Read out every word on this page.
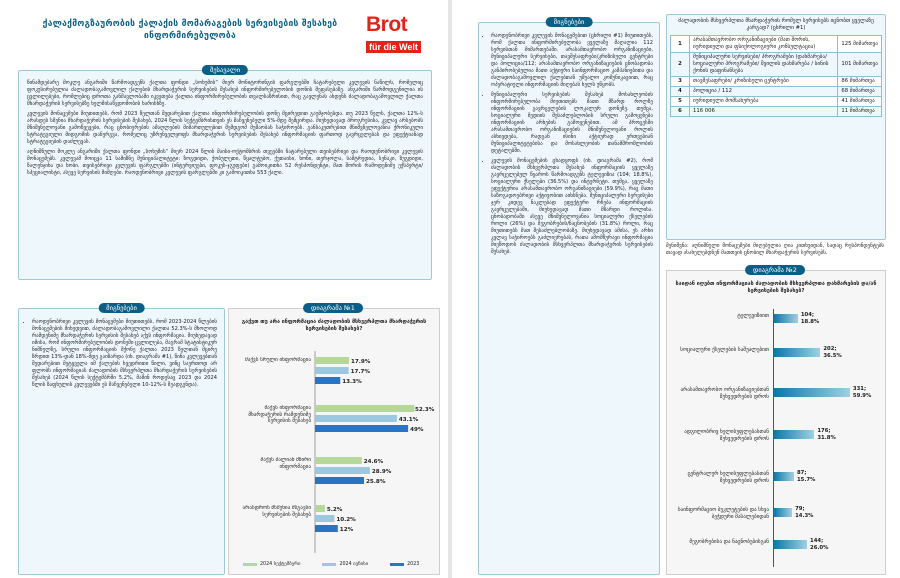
ქალაქმოგზაურობის ქალაქის მომარაგების სერვისების შესახებ ინფორმირებულობა	Brot
für die Welt
შესავალი

წინამდებარე მოკლე ანგარიში წარმოადგენს ქალთა ფონდი „სოხუმის“ მიერ მონიტორინგის ფარგლებში ჩატარებული კვლევის ნაწილს, რომელიც ფოკუსირებულია ძალადობაგამოვლილ ქალების მხარდაჭერის სერვისების შესახებ ინფორმირებულობის დონის შეფასებაზე. ანგარიში წარმოდგენილია ის ცვლილებები, რომლებიც დროთა განმავლობაში იკვეთება ქალთა ინფორმირებულობის თვალსაზრისით, რაც გავლენას ახდენს ძალადობაგამოვლილ ქალთა მხარდაჭერის სერვისებზე ხელმისაწვდომობის ხარისხზე.

კვლევის მონაცემები მიუთითებს, რომ 2023 წელთან შედარებით ქალთა ინფორმირებულობის დონე მცირედით გაუმჯობესდა. თუ 2023 წელს, ქალთა 12%-ს არასდეს სმენია მხარდაჭერის სერვისების შესახებ, 2024 წლის სექტემბრისთვის ეს მაჩვენებელი 5%-მდე შემცირდა. მიუხედავად პროგრესისა, კვლავ არსებობს მნიშვნელოვანი გამოწვევები, რაც ცნობიერების ამაღლების მიმართულებით შემდგომ მუშაობას საჭიროებს. განსაკუთრებით მნიშვნელოვანია ქრონიკული სტრატეგიული მიდგომის დანერგვა, რომელიც უზრუნველყოფს მხარდაჭერის სერვისების შესახებ ინფორმაციის ფართოდ გავრცელებას და ეფექტიანად სტრატეგიების დაძლევას.

აღნიშნული მოკლე ანგარიში ქალთა ფონდი „სოხუმის“ მიერ 2024 წლის მაისი-ოქტომბრის თვეებში ჩატარებული თვისებრივი და რაოდენობრივი კვლევის მონაცემებს. კვლევამ მოიცვა 11 სამიზნე მუნიციპალიტეტი: ზოგდიდი, ქობულეთი, წყალტუბო, ქუთაისი, ხონი, თერჯოლა, სამტრედია, სენაკი, ზუგდიდი, წალენჯიხა და ხობი. თვისებრივი კვლევის ფარგლებში (ინტერვიუები, ფოკუს-ჯგუფები) გამოიკითხა 52 რესპონდენტი, მათ შორის რამოდენიმე ექსპერტი/ სპეციალისტი, ასევე სერვისის მიმღები. რაოდენობრივი კვლევის ფარგლებში კი გამოიკითხა 553 ქალი.

მიგნებები
• რაოდენობრივი კვლევის მონაცემები მიუთითებს, რომ 2023-2024 წლების მონაცემების მიხედვით, ძალადობაგამოვლილი ქალთა 52.3%-ს მხოლოდ რამდენიმე მხარდაჭერის სერვისის შესახებ აქვს ინფორმაცია. მიუხედავად იმისა, რომ ინფორმირებულობის დონეში ცვლილება, მაგრამ სტატისტიკურ ნიშნულზე, სრული ინფორმაციის მქონე ქალთა 2023 წელთან მცირე ზრდით 13%-დან 18%-მდე გაიზარდა (იხ. დიაგრამა #1), წინა კვლევებთან შედარებით მეტყველა იმ ქალების ხვედრითი წილი, ვინც საერთოდ არ ფლობს ინფორმაციას ძალადობის მსხვერპლთა მხარდაჭერის სერვისების შესახებ (2024 წლის სექტემბრში 5.2%, მაშინ როდესაც 2023 და 2024 წლის ზაფხულის კვლევებში ეს მაჩვენებელი 10-12%-ს შეადგენდა).
დიაგრამა №1
გაქვთ თუ არა ინფორმაცია ძალადობის მსხვერპლთა მხარდაჭერის სერვისების შესახებ?
მაქვს სრული ინფორმაცია	17.9%
17.7%
13.3%
მაქვს ინფორმაცია მხარდაჭერის რამდენიმე სერვისის შესახებ
52.3%
43.1%
49%
მაქვს ძალიან მწირი ინფორმაცია
24.6%
28.9%
25.8%
არასდროს მსმენია მსგავსი სერვისების შესახებ
5.2%
10.2%
12%
2024 სექტემბერი	2024 ივნისი	2023
მიგნებები
• რაოდენობრივი კვლევის მონაცემებით (ცხრილი #1) მიუთითებს, რომ ქალთა ინფორმირებულობა ყველაზე მაღალია 112 სერვისთან მიმართებაში. არასამთავრობო ორგანიზაციები, მუნიციპალური სერვისები, თავშესაფრები/კრიზისული ცენტრები და პოლიცია/112; არასამთავრობო ორგანიზაციების ცნობადობა განპირობებულია მათი აქტიური საინფორმაციო კამპანიებითა და ძალადობაგამოვლილ ქალებთან უშუალო კომუნიკაციით, რაც ოპერატიული ინფორმაციის მიღებას ხელს უწყობს.
• მუნიციპალური სერვისების შესახებ მოსახლეობის ინფორმირებულობა მიუთითებს მათი მზარდ როლზე ინფორმაციის გავრცელების ლოკალურ დონეზე. თუმცა, სოციალური მედიის შესაძლებლობის სრული გამოყენება ინფორმაციის არხების გამოყენებით. ამ პროცესში არასამთავრობო ორგანიზაციების მნიშვნელოვანი როლის ასხივდება, რადგან ისინი აქტიურად ერთვებიან მუნიციპალიტეტებისა და მოსახლეობის თანამშრომლობის დეტალებში.
• კვლევის მონაცემების ცხადყოფს (იხ. დიაგრამა #2), რომ ძალადობის მსხვერპლთა შესახებ ინფორმაციის ყველაზე გავრცელებულ წყაროს წარმოადგენს ტელევიზია (104; 18.8%), სოციალური ქსელები (36.5%) და ინტერნეტი. თუმცა, ყველაზე ეფექტურია არასამთავრობო ორგანიზაციები (59.9%), რაც მათი საზოგადოებრივი აქტივობით აიხსნება. მუნიციპალური სერვისები ჯერ კიდევ ნაკლებად ეფექტური რჩება ინფორმაციის გავრცელებაში, მიუხედავად მათი მზარდი როლისა. ცნობადობაში ასევე მნიშვნელოვანია სოციალური ქსელების როლი (26%) და მეგობრების/ნაცნობების (31.8%) როლი, რაც მიუთითებს მათ შესაძლებლობაზე. მიუხედავად ამისა, ეს არხი კვლავ საჭიროებს გაძლიერებას, რათა ამომწურავი ინფორმაცია მიეწოდოს ძალადობის მსხვერპლთა მხარდაჭერის სერვისების შესახებ.
ძალადობის მსხვერპლთა მხარდაჭერის რომელ სერვისებს იცნობთ ყველაზე კარგად? (ცხრილი #1)
1	არასამთავრობო ორგანიზაციები (მათ შორის, იურიდიული და ფსიქოლოგიური კონსულტაცია)	125 მიმართვა
2	მუნიციპალური სერვისები/ პროგრამები (დახმარება/ სოციალური პროგრამები/ შვილის დახმარება / სინის ქონის დაფინანსება	101 მიმართვა
3	თავშესაფრები/ კრიზისული ცენტრები	86 მიმართვა
4	პოლიცია / 112	68 მიმართვა
5	იურიდიული მომსახურება	41 მიმართვა
6	116 006	11 მიმართვა
შენიშვნა: აღნიშნული მონაცემები მიღებულია ღია კითხვიდან, სადაც რესპონდენტებს თავად ასახელებდნენ მათთვის ცნობილ მხარდაჭერის სერვისებს.
დიაგრამა №2
საიდან იღებთ ინფორმაციას ძალადობის მსხვერპლთა დახმარების და/ან სერვისების შესახებ?
ტელევიზიით	104;
18.8%
სოციალური ქსელების საშუალებით	202;
36.5%
არასამთავრობო ორგანიზაციებთან შეხვედრების დროს
331;
59.9%
ადგილობრივ ხელისუფლებასთან შეხვედრების დროს
176;
31.8%
ცენტრალურ ხელისუფლებასთან შეხვედრების დროს
87;
15.7%
საინფორმაციო ბუკლეტების და სხვა ბეჭდური მასალებიდან
79;
14.3%
მეგობრებისა და ნაცნობებისგან	144;
26.0%
